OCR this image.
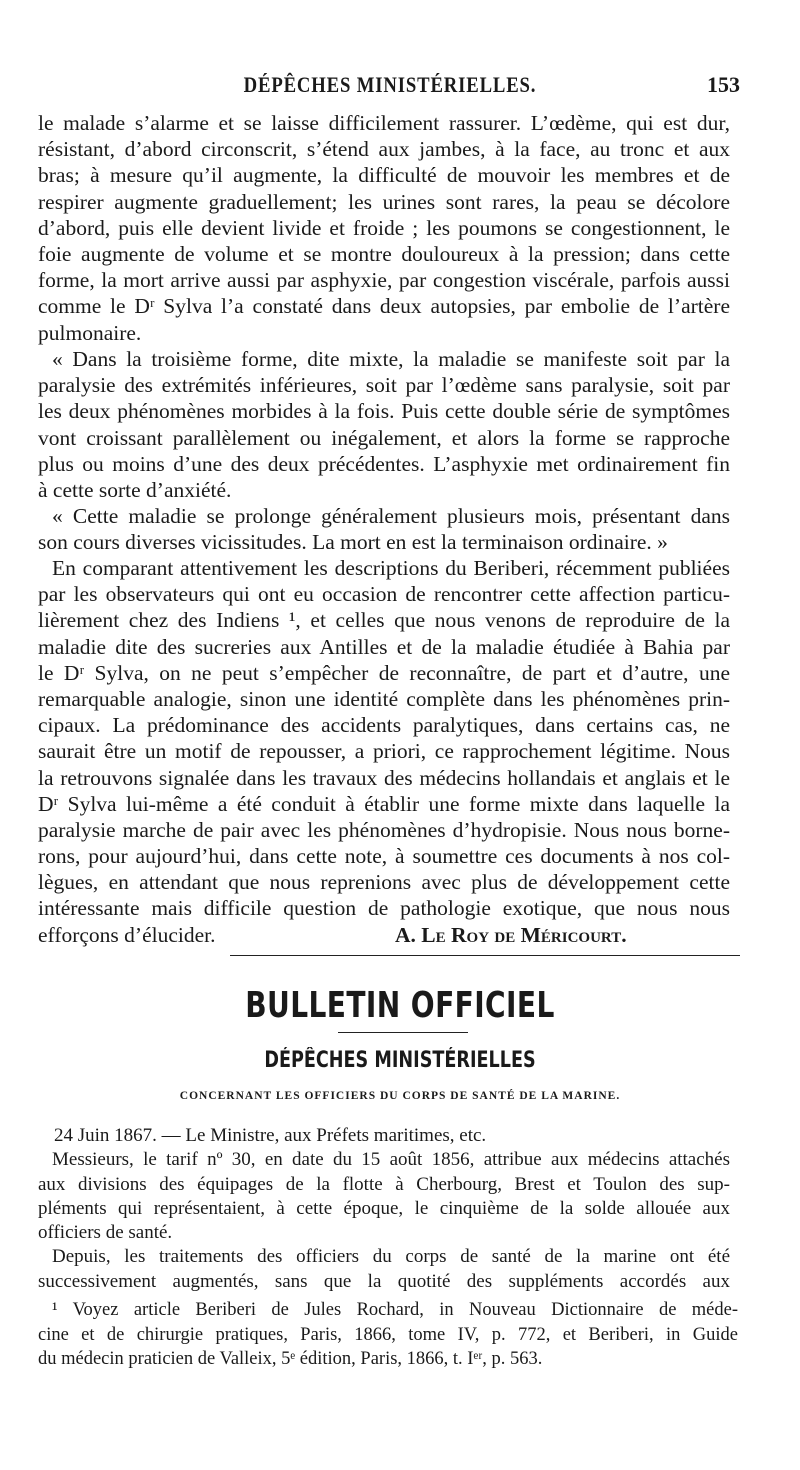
DÉPÊCHES MINISTÉRIELLES.	153
le malade s’alarme et se laisse difficilement rassurer. L’œdème, qui est dur,
résistant, d’abord circonscrit, s’étend aux jambes, à la face, au tronc et aux
bras; à mesure qu’il augmente, la difficulté de mouvoir les membres et de
respirer augmente graduellement; les urines sont rares, la peau se décolore
d’abord, puis elle devient livide et froide ; les poumons se congestionnent, le
foie augmente de volume et se montre douloureux à la pression; dans cette
forme, la mort arrive aussi par asphyxie, par congestion viscérale, parfois aussi
comme le Dʳ Sylva l’a constaté dans deux autopsies, par embolie de l’artère
pulmonaire.
« Dans la troisième forme, dite mixte, la maladie se manifeste soit par la
paralysie des extrémités inférieures, soit par l’œdème sans paralysie, soit par
les deux phénomènes morbides à la fois. Puis cette double série de symptômes
vont croissant parallèlement ou inégalement, et alors la forme se rapproche
plus ou moins d’une des deux précédentes. L’asphyxie met ordinairement fin
à cette sorte d’anxiété.
« Cette maladie se prolonge généralement plusieurs mois, présentant dans
son cours diverses vicissitudes. La mort en est la terminaison ordinaire. »
En comparant attentivement les descriptions du Beriberi, récemment publiées
par les observateurs qui ont eu occasion de rencontrer cette affection particu-
lièrement chez des Indiens ¹, et celles que nous venons de reproduire de la
maladie dite des sucreries aux Antilles et de la maladie étudiée à Bahia par
le Dʳ Sylva, on ne peut s’empêcher de reconnaître, de part et d’autre, une
remarquable analogie, sinon une identité complète dans les phénomènes prin-
cipaux. La prédominance des accidents paralytiques, dans certains cas, ne
saurait être un motif de repousser, a priori, ce rapprochement légitime. Nous
la retrouvons signalée dans les travaux des médecins hollandais et anglais et le
Dʳ Sylva lui-même a été conduit à établir une forme mixte dans laquelle la
paralysie marche de pair avec les phénomènes d’hydropisie. Nous nous borne-
rons, pour aujourd’hui, dans cette note, à soumettre ces documents à nos col-
lègues, en attendant que nous reprenions avec plus de développement cette
intéressante mais difficile question de pathologie exotique, que nous nous
efforçons d’élucider.	A. Le Roy de Méricourt.
BULLETIN OFFICIEL
DÉPÊCHES MINISTÉRIELLES
CONCERNANT LES OFFICIERS DU CORPS DE SANTÉ DE LA MARINE.
24 Juin 1867. — Le Ministre, aux Préfets maritimes, etc.
Messieurs, le tarif nº 30, en date du 15 août 1856, attribue aux médecins attachés
aux divisions des équipages de la flotte à Cherbourg, Brest et Toulon des sup-
pléments qui représentaient, à cette époque, le cinquième de la solde allouée aux
officiers de santé.
Depuis, les traitements des officiers du corps de santé de la marine ont été
successivement augmentés, sans que la quotité des suppléments accordés aux
¹ Voyez article Beriberi de Jules Rochard, in Nouveau Dictionnaire de méde-
cine et de chirurgie pratiques, Paris, 1866, tome IV, p. 772, et Beriberi, in Guide
du médecin praticien de Valleix, 5ᵉ édition, Paris, 1866, t. Iᵉʳ, p. 563.
